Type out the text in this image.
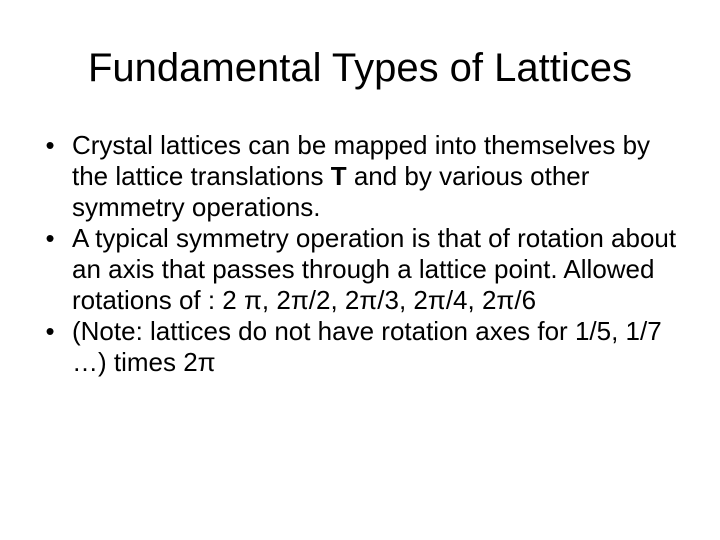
Fundamental Types of Lattices
• Crystal lattices can be mapped into themselves by the lattice translations T and by various other symmetry operations.
• A typical symmetry operation is that of rotation about an axis that passes through a lattice point. Allowed rotations of : 2 π, 2π/2, 2π/3, 2π/4, 2π/6
• (Note: lattices do not have rotation axes for 1/5, 1/7 …) times 2π
